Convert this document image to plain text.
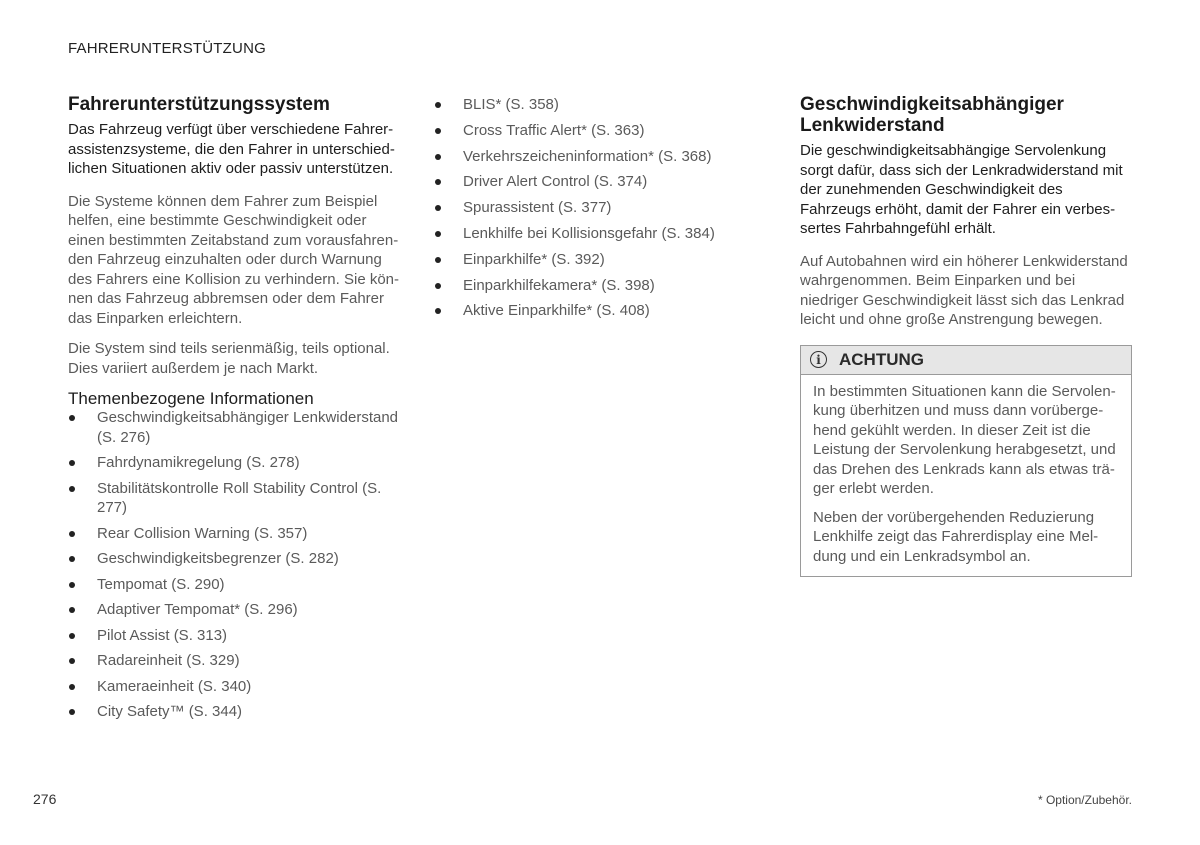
FAHRERUNTERSTÜTZUNG
Fahrerunterstützungssystem

Das Fahrzeug verfügt über verschiedene Fahrerassistenzsysteme, die den Fahrer in unterschiedlichen Situationen aktiv oder passiv unterstützen.

Die Systeme können dem Fahrer zum Beispiel helfen, eine bestimmte Geschwindigkeit oder einen bestimmten Zeitabstand zum vorausfahrenden Fahrzeug einzuhalten oder durch Warnung des Fahrers eine Kollision zu verhindern. Sie können das Fahrzeug abbremsen oder dem Fahrer das Einparken erleichtern.

Die System sind teils serienmäßig, teils optional. Dies variiert außerdem je nach Markt.

Themenbezogene Informationen
Geschwindigkeitsabhängiger Lenkwiderstand (S. 276)
Fahrdynamikregelung (S. 278)
Stabilitätskontrolle Roll Stability Control (S. 277)
Rear Collision Warning (S. 357)
Geschwindigkeitsbegrenzer (S. 282)
Tempomat (S. 290)
Adaptiver Tempomat* (S. 296)
Pilot Assist (S. 313)
Radareinheit (S. 329)
Kameraeinheit (S. 340)
City Safety™ (S. 344)
BLIS* (S. 358)
Cross Traffic Alert* (S. 363)
Verkehrszeicheninformation* (S. 368)
Driver Alert Control (S. 374)
Spurassistent (S. 377)
Lenkhilfe bei Kollisionsgefahr (S. 384)
Einparkhilfe* (S. 392)
Einparkhilfekamera* (S. 398)
Aktive Einparkhilfe* (S. 408)
Geschwindigkeitsabhängiger Lenkwiderstand

Die geschwindigkeitsabhängige Servolenkung sorgt dafür, dass sich der Lenkradwiderstand mit der zunehmenden Geschwindigkeit des Fahrzeugs erhöht, damit der Fahrer ein verbessertes Fahrbahngefühl erhält.

Auf Autobahnen wird ein höherer Lenkwiderstand wahrgenommen. Beim Einparken und bei niedriger Geschwindigkeit lässt sich das Lenkrad leicht und ohne große Anstrengung bewegen.

i	ACHTUNG

In bestimmten Situationen kann die Servolenkung überhitzen und muss dann vorübergehend gekühlt werden. In dieser Zeit ist die Leistung der Servolenkung herabgesetzt, und das Drehen des Lenkrads kann als etwas träger erlebt werden.

Neben der vorübergehenden Reduzierung Lenkhilfe zeigt das Fahrerdisplay eine Meldung und ein Lenkradsymbol an.

276	* Option/Zubehör.
